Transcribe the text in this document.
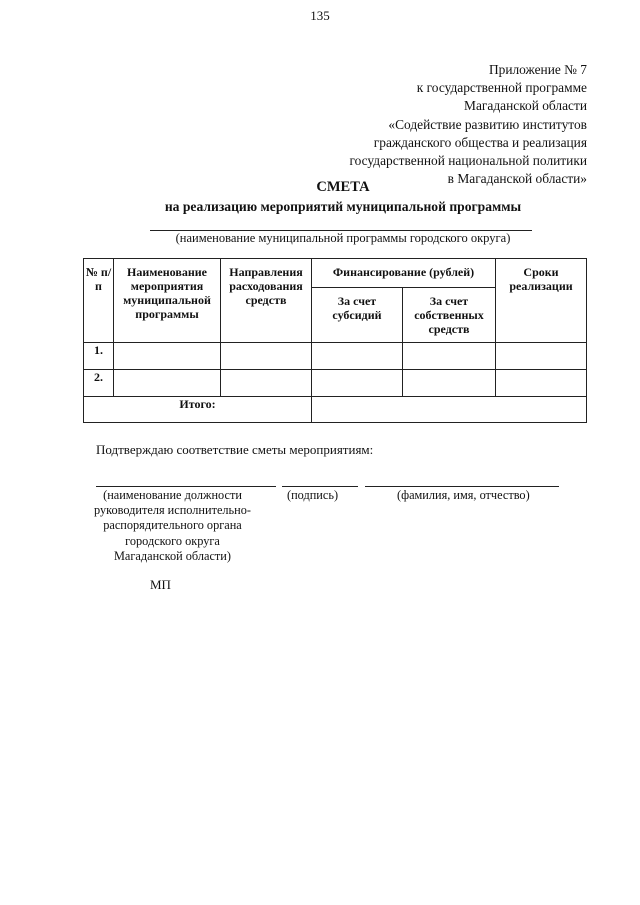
135
Приложение № 7
к государственной программе
Магаданской области
«Содействие развитию институтов
гражданского общества и реализация
государственной национальной политики
в Магаданской области»
СМЕТА
на реализацию мероприятий муниципальной программы
(наименование муниципальной программы городского округа)
№ п/п	Наименование мероприятия муниципальной программы	Направления расходования средств	Финансирование (рублей)		Сроки реализации
			За счет субсидий	За счет собственных средств	
1.					
2.					
Итого:					
Подтверждаю соответствие сметы мероприятиям:
(наименование должности
руководителя исполнительно-
распорядительного органа
городского округа
Магаданской области)
(подпись)	(фамилия, имя, отчество)
МП
